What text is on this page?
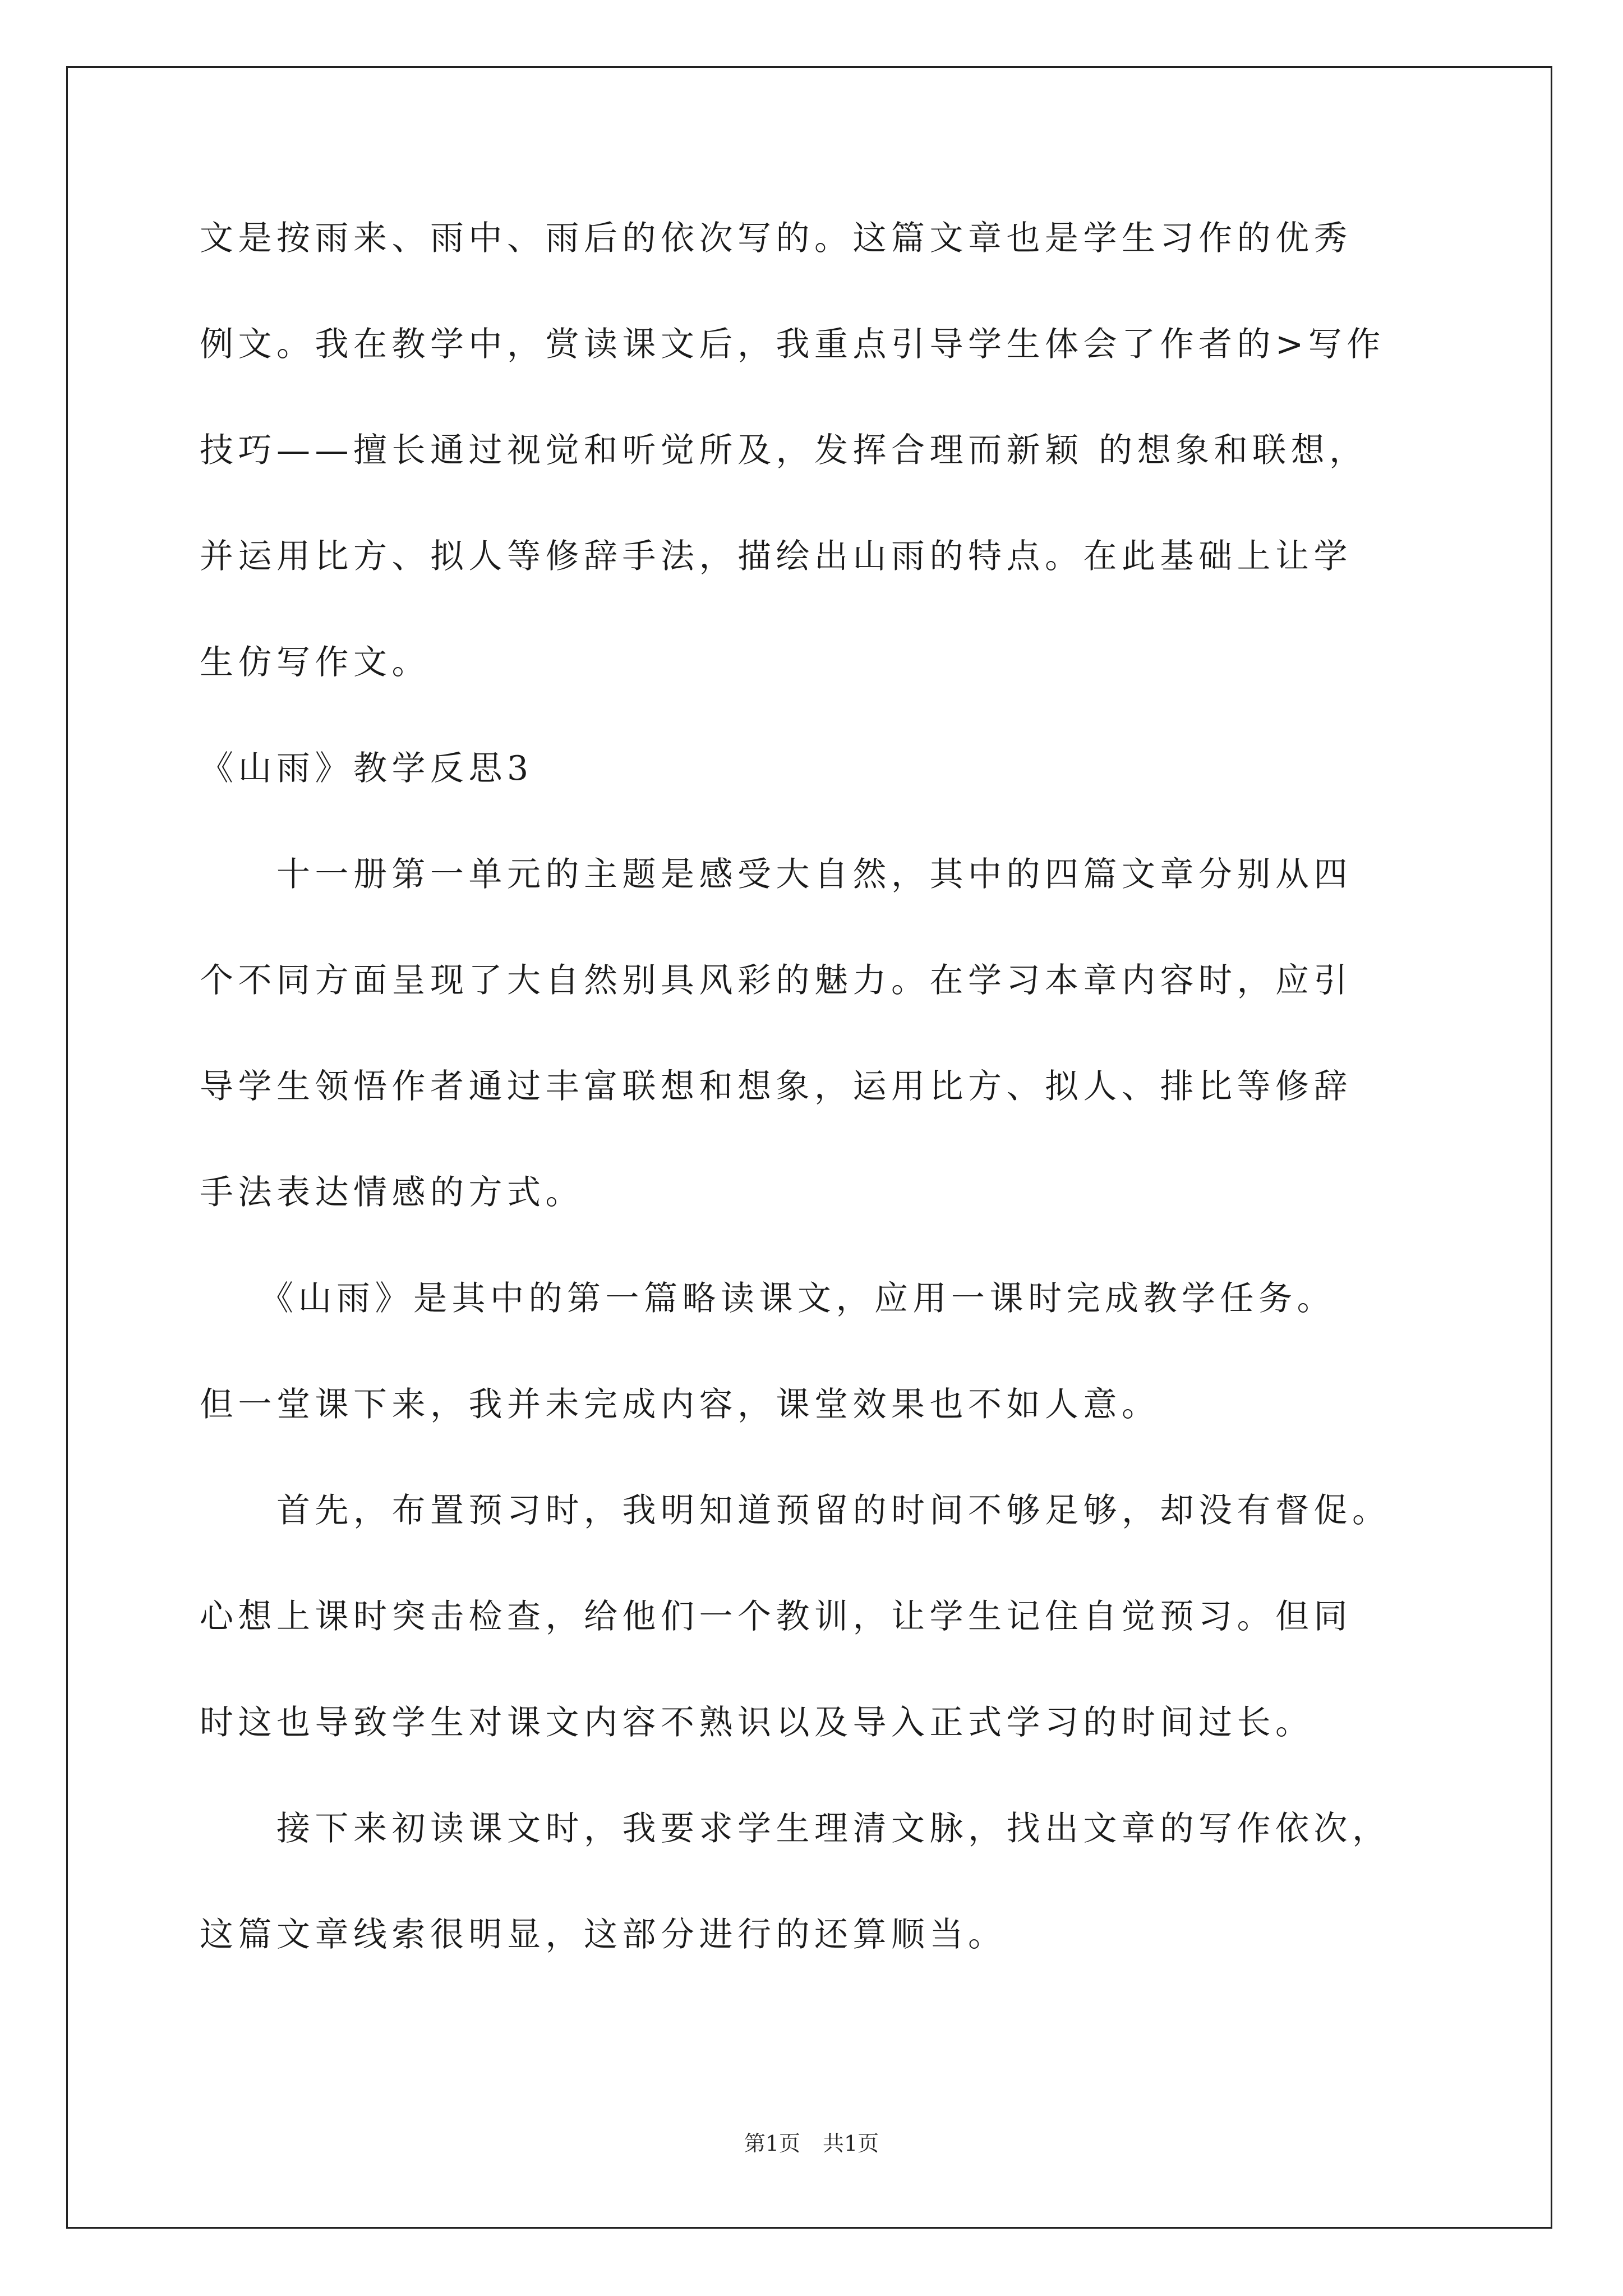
文是按雨来、雨中、雨后的依次写的。这篇文章也是学生习作的优秀
例文。我在教学中，赏读课文后，我重点引导学生体会了作者的>写作
技巧——擅长通过视觉和听觉所及，发挥合理而新颖 的想象和联想，
并运用比方、拟人等修辞手法，描绘出山雨的特点。在此基础上让学
生仿写作文。
《山雨》教学反思3
　　十一册第一单元的主题是感受大自然，其中的四篇文章分别从四
个不同方面呈现了大自然别具风彩的魅力。在学习本章内容时，应引
导学生领悟作者通过丰富联想和想象，运用比方、拟人、排比等修辞
手法表达情感的方式。
　　《山雨》是其中的第一篇略读课文，应用一课时完成教学任务。
但一堂课下来，我并未完成内容，课堂效果也不如人意。
　　首先，布置预习时，我明知道预留的时间不够足够，却没有督促。
心想上课时突击检查，给他们一个教训，让学生记住自觉预习。但同
时这也导致学生对课文内容不熟识以及导入正式学习的时间过长。
　　接下来初读课文时，我要求学生理清文脉，找出文章的写作依次，
这篇文章线索很明显，这部分进行的还算顺当。
第1页 共1页
